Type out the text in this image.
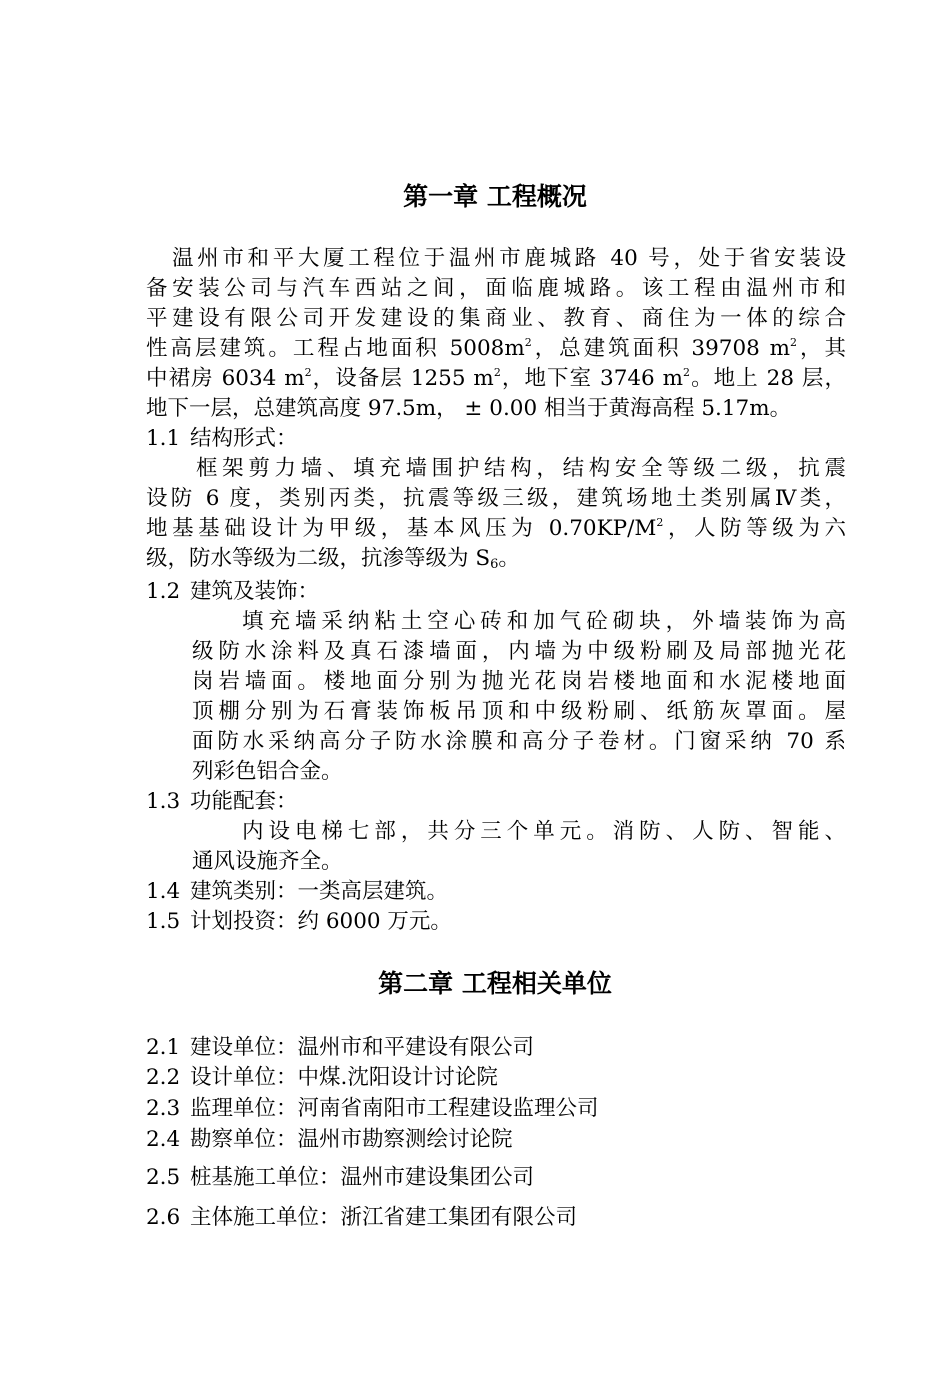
第一章 工程概况
温州市和平大厦工程位于温州市鹿城路 40 号，处于省安装设
备安装公司与汽车西站之间，面临鹿城路。该工程由温州市和
平建设有限公司开发建设的集商业、教育、商住为一体的综合
性高层建筑。工程占地面积 $5008m^2$，总建筑面积 39708 $m^2$，其
中裙房 6034 $m^2$，设备层 1255 $m^2$，地下室 3746 $m^2$。地上 28 层，
地下一层，总建筑高度 97.5m， ± 0.00 相当于黄海高程 5.17m。
1.1 结构形式：
框架剪力墙、填充墙围护结构，结构安全等级二级，抗震
设防 6 度，类别丙类，抗震等级三级，建筑场地土类别属Ⅳ类，
地基基础设计为甲级，基本风压为 $0.70KP/M^2$，人防等级为六
级，防水等级为二级，抗渗等级为 $S_6$。
1.2 建筑及装饰：
填充墙采纳粘土空心砖和加气砼砌块，外墙装饰为高
级防水涂料及真石漆墙面，内墙为中级粉刷及局部抛光花
岗岩墙面。楼地面分别为抛光花岗岩楼地面和水泥楼地面
顶棚分别为石膏装饰板吊顶和中级粉刷、纸筋灰罩面。屋
面防水采纳高分子防水涂膜和高分子卷材。门窗采纳 70 系
列彩色铝合金。
1.3 功能配套：
内设电梯七部，共分三个单元。消防、人防、智能、
通风设施齐全。
1.4 建筑类别：一类高层建筑。
1.5 计划投资：约 6000 万元。
第二章 工程相关单位
2.1 建设单位：温州市和平建设有限公司
2.2 设计单位：中煤.沈阳设计讨论院
2.3 监理单位：河南省南阳市工程建设监理公司
2.4 勘察单位：温州市勘察测绘讨论院
2.5 桩基施工单位：温州市建设集团公司
2.6 主体施工单位：浙江省建工集团有限公司
